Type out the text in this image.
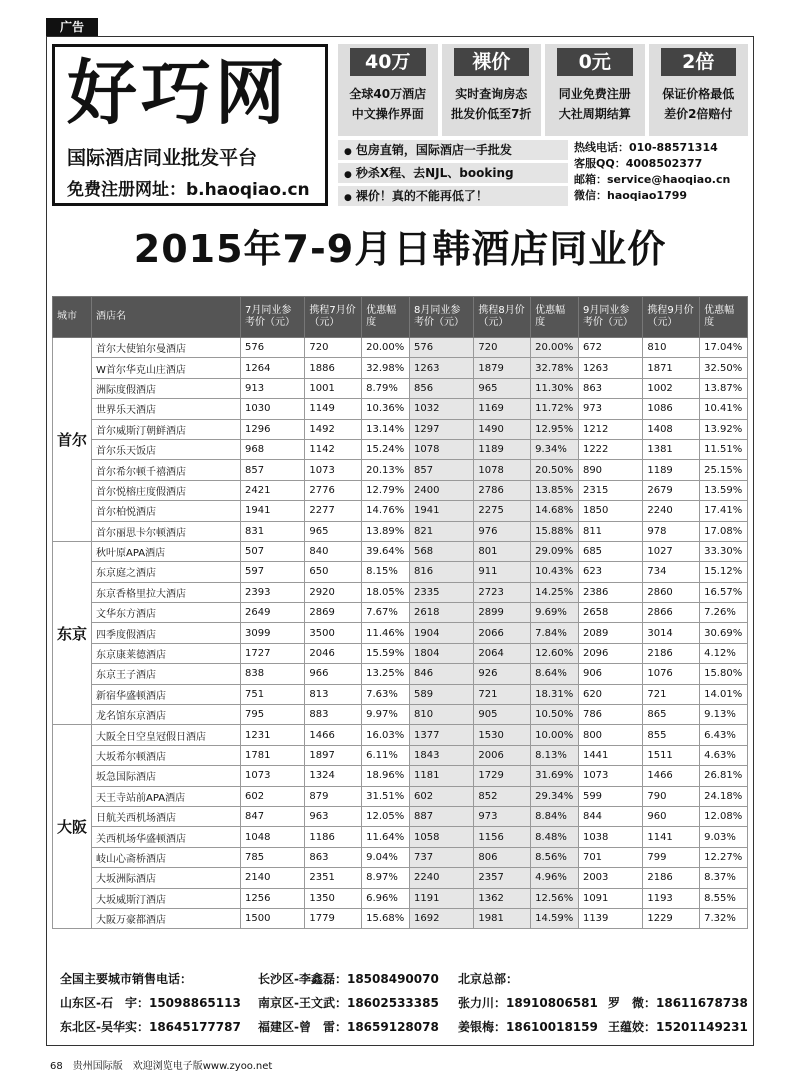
广告
好巧网
国际酒店同业批发平台
免费注册网址：b.haoqiao.cn
40万
全球40万酒店
中文操作界面
裸价
实时查询房态
批发价低至7折
0元
同业免费注册
大社周期结算
2倍
保证价格最低
差价2倍赔付
● 包房直销，国际酒店一手批发
● 秒杀X程、去NJL、booking
● 裸价！真的不能再低了！
热线电话：010-88571314
客服QQ：4008502377
邮箱：service@haoqiao.cn
微信：haoqiao1799
2015年7-9月日韩酒店同业价
城市	酒店名	7月同业参考价（元）	携程7月价（元）	优惠幅度	8月同业参考价（元）	携程8月价（元）	优惠幅度	9月同业参考价（元）	携程9月价（元）	优惠幅度
首尔	首尔大使铂尔曼酒店	576	720	20.00%	576	720	20.00%	672	810	17.04%
	W首尔华克山庄酒店	1264	1886	32.98%	1263	1879	32.78%	1263	1871	32.50%
	洲际度假酒店	913	1001	8.79%	856	965	11.30%	863	1002	13.87%
	世界乐天酒店	1030	1149	10.36%	1032	1169	11.72%	973	1086	10.41%
	首尔威斯汀朝鲜酒店	1296	1492	13.14%	1297	1490	12.95%	1212	1408	13.92%
	首尔乐天饭店	968	1142	15.24%	1078	1189	9.34%	1222	1381	11.51%
	首尔希尔顿千禧酒店	857	1073	20.13%	857	1078	20.50%	890	1189	25.15%
	首尔悦榕庄度假酒店	2421	2776	12.79%	2400	2786	13.85%	2315	2679	13.59%
	首尔柏悦酒店	1941	2277	14.76%	1941	2275	14.68%	1850	2240	17.41%
	首尔丽思卡尔顿酒店	831	965	13.89%	821	976	15.88%	811	978	17.08%
东京	秋叶原APA酒店	507	840	39.64%	568	801	29.09%	685	1027	33.30%
	东京庭之酒店	597	650	8.15%	816	911	10.43%	623	734	15.12%
	东京香格里拉大酒店	2393	2920	18.05%	2335	2723	14.25%	2386	2860	16.57%
	文华东方酒店	2649	2869	7.67%	2618	2899	9.69%	2658	2866	7.26%
	四季度假酒店	3099	3500	11.46%	1904	2066	7.84%	2089	3014	30.69%
	东京康莱德酒店	1727	2046	15.59%	1804	2064	12.60%	2096	2186	4.12%
	东京王子酒店	838	966	13.25%	846	926	8.64%	906	1076	15.80%
	新宿华盛顿酒店	751	813	7.63%	589	721	18.31%	620	721	14.01%
	龙名馆东京酒店	795	883	9.97%	810	905	10.50%	786	865	9.13%
大阪	大阪全日空皇冠假日酒店	1231	1466	16.03%	1377	1530	10.00%	800	855	6.43%
	大坂希尔顿酒店	1781	1897	6.11%	1843	2006	8.13%	1441	1511	4.63%
	坂急国际酒店	1073	1324	18.96%	1181	1729	31.69%	1073	1466	26.81%
	天王寺站前APA酒店	602	879	31.51%	602	852	29.34%	599	790	24.18%
	日航关西机场酒店	847	963	12.05%	887	973	8.84%	844	960	12.08%
	关西机场华盛顿酒店	1048	1186	11.64%	1058	1156	8.48%	1038	1141	9.03%
	岐山心斋桥酒店	785	863	9.04%	737	806	8.56%	701	799	12.27%
	大坂洲际酒店	2140	2351	8.97%	2240	2357	4.96%	2003	2186	8.37%
	大坂威斯汀酒店	1256	1350	6.96%	1191	1362	12.56%	1091	1193	8.55%
	大阪万豪都酒店	1500	1779	15.68%	1692	1981	14.59%	1139	1229	7.32%
全国主要城市销售电话：	长沙区-李鑫磊：18508490070 北京总部：
山东区-石　宇：15098865113 南京区-王文武：18602533385 张力川：18910806581 罗　微：18611678738
东北区-吴华实：18645177787 福建区-曾　雷：18659128078 姜银梅：18610018159 王蕴姣：15201149231
68　贵州国际版　欢迎浏览电子版www.zyoo.net
